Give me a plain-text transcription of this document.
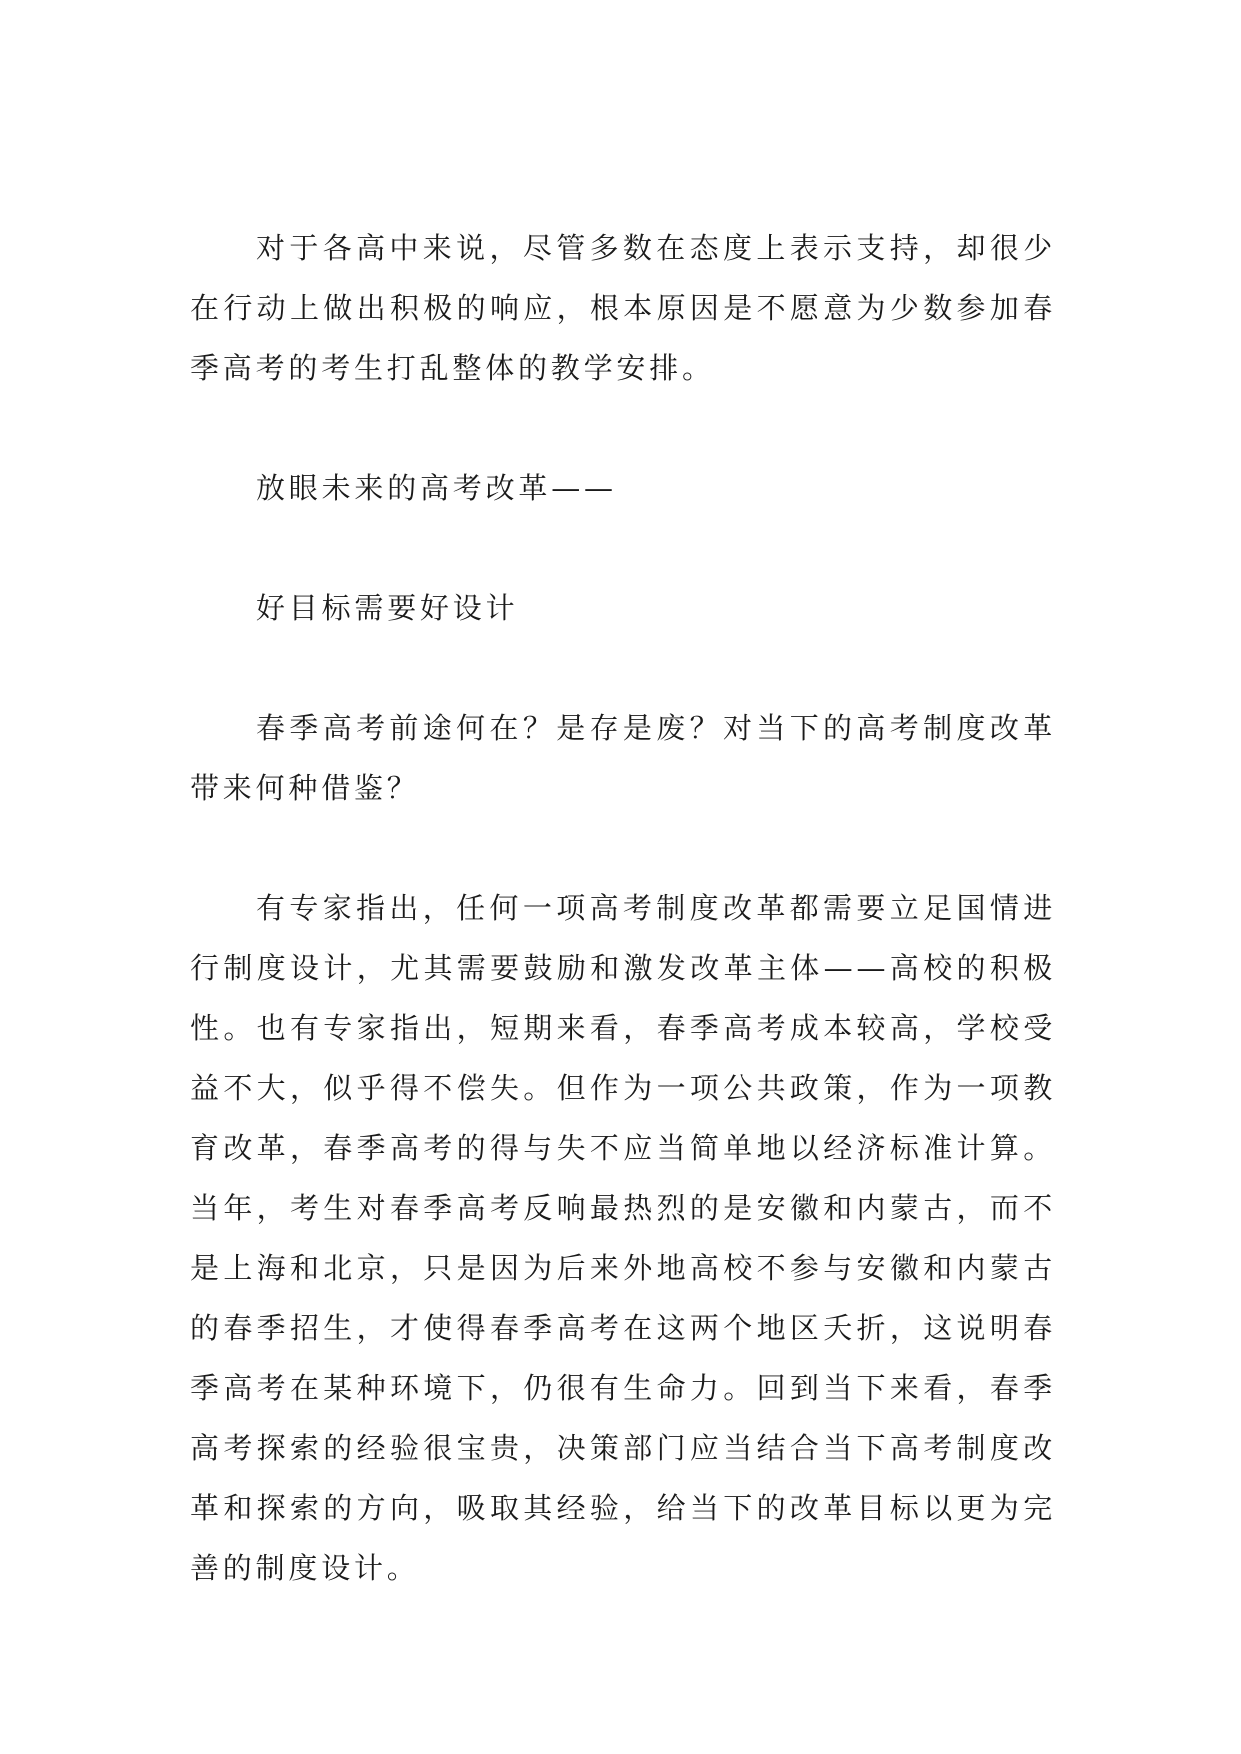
对于各高中来说，尽管多数在态度上表示支持，却很少在行动上做出积极的响应，根本原因是不愿意为少数参加春季高考的考生打乱整体的教学安排。

放眼未来的高考改革——

好目标需要好设计

春季高考前途何在？是存是废？对当下的高考制度改革带来何种借鉴？

有专家指出，任何一项高考制度改革都需要立足国情进行制度设计，尤其需要鼓励和激发改革主体——高校的积极性。也有专家指出，短期来看，春季高考成本较高，学校受益不大，似乎得不偿失。但作为一项公共政策，作为一项教育改革，春季高考的得与失不应当简单地以经济标准计算。当年，考生对春季高考反响最热烈的是安徽和内蒙古，而不是上海和北京，只是因为后来外地高校不参与安徽和内蒙古的春季招生，才使得春季高考在这两个地区夭折，这说明春季高考在某种环境下，仍很有生命力。回到当下来看，春季高考探索的经验很宝贵，决策部门应当结合当下高考制度改革和探索的方向，吸取其经验，给当下的改革目标以更为完善的制度设计。
